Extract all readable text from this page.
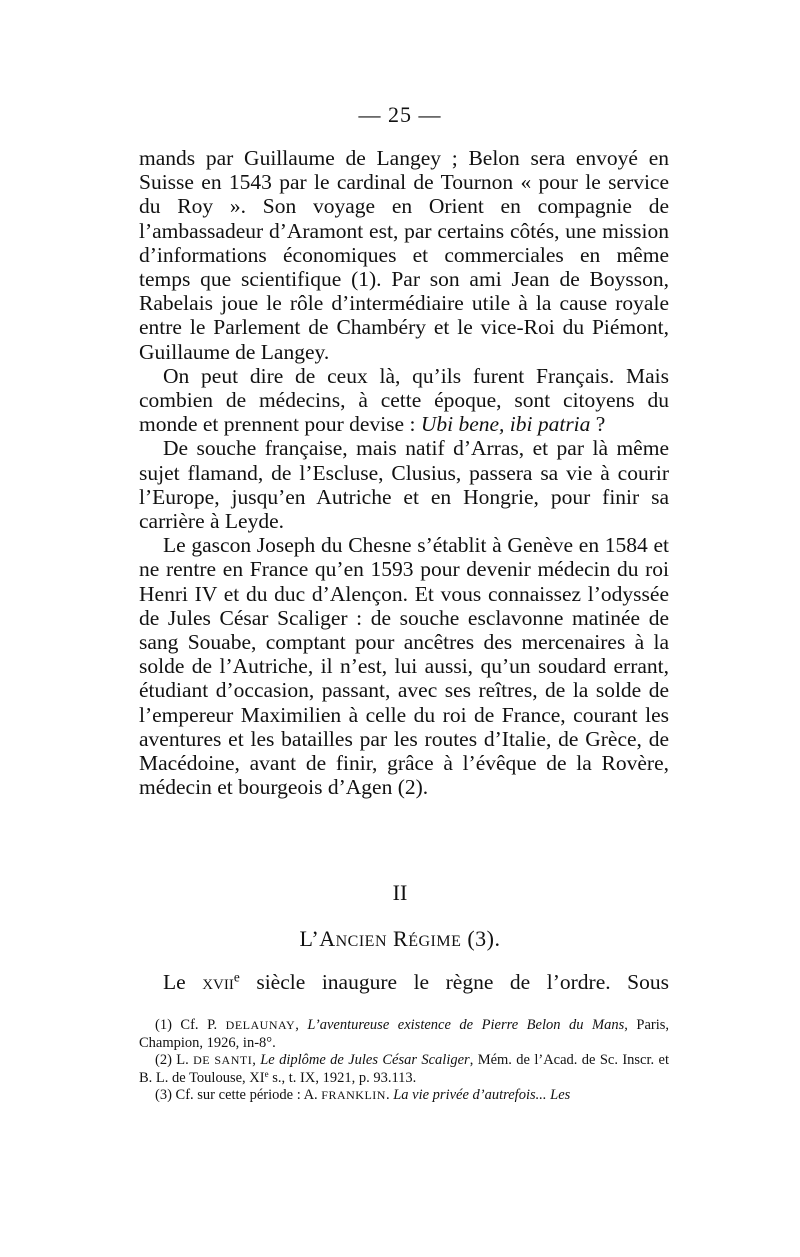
— 25 —

mands par Guillaume de Langey ; Belon sera envoyé en Suisse en 1543 par le cardinal de Tournon « pour le service du Roy ». Son voyage en Orient en compagnie de l’ambassadeur d’Aramont est, par certains côtés, une mission d’informations économiques et commerciales en même temps que scientifique (1). Par son ami Jean de Boysson, Rabelais joue le rôle d’intermédiaire utile à la cause royale entre le Parlement de Chambéry et le vice-Roi du Piémont, Guillaume de Langey.

On peut dire de ceux là, qu’ils furent Français. Mais combien de médecins, à cette époque, sont citoyens du monde et prennent pour devise : Ubi bene, ibi patria ?

De souche française, mais natif d’Arras, et par là même sujet flamand, de l’Escluse, Clusius, passera sa vie à courir l’Europe, jusqu’en Autriche et en Hongrie, pour finir sa carrière à Leyde.

Le gascon Joseph du Chesne s’établit à Genève en 1584 et ne rentre en France qu’en 1593 pour devenir médecin du roi Henri IV et du duc d’Alençon. Et vous connaissez l’odyssée de Jules César Scaliger : de souche esclavonne matinée de sang Souabe, comptant pour ancêtres des mercenaires à la solde de l’Autriche, il n’est, lui aussi, qu’un soudard errant, étudiant d’occasion, passant, avec ses reîtres, de la solde de l’empereur Maximilien à celle du roi de France, courant les aventures et les batailles par les routes d’Italie, de Grèce, de Macédoine, avant de finir, grâce à l’évêque de la Rovère, médecin et bourgeois d’Agen (2).

II
L’ANCIEN RÉGIME (3).
Le xvii$^e$ siècle inaugure le règne de l’ordre. Sous

(1) Cf. P. DELAUNAY, L’aventureuse existence de Pierre Belon du Mans, Paris, Champion, 1926, in-8°.

(2) L. DE SANTI, Le diplôme de Jules César Scaliger, Mém. de l’Acad. de Sc. Inscr. et B. L. de Toulouse, XIe s., t. IX, 1921, p. 93.113.

(3) Cf. sur cette période : A. FRANKLIN. La vie privée d’autrefois... Les
